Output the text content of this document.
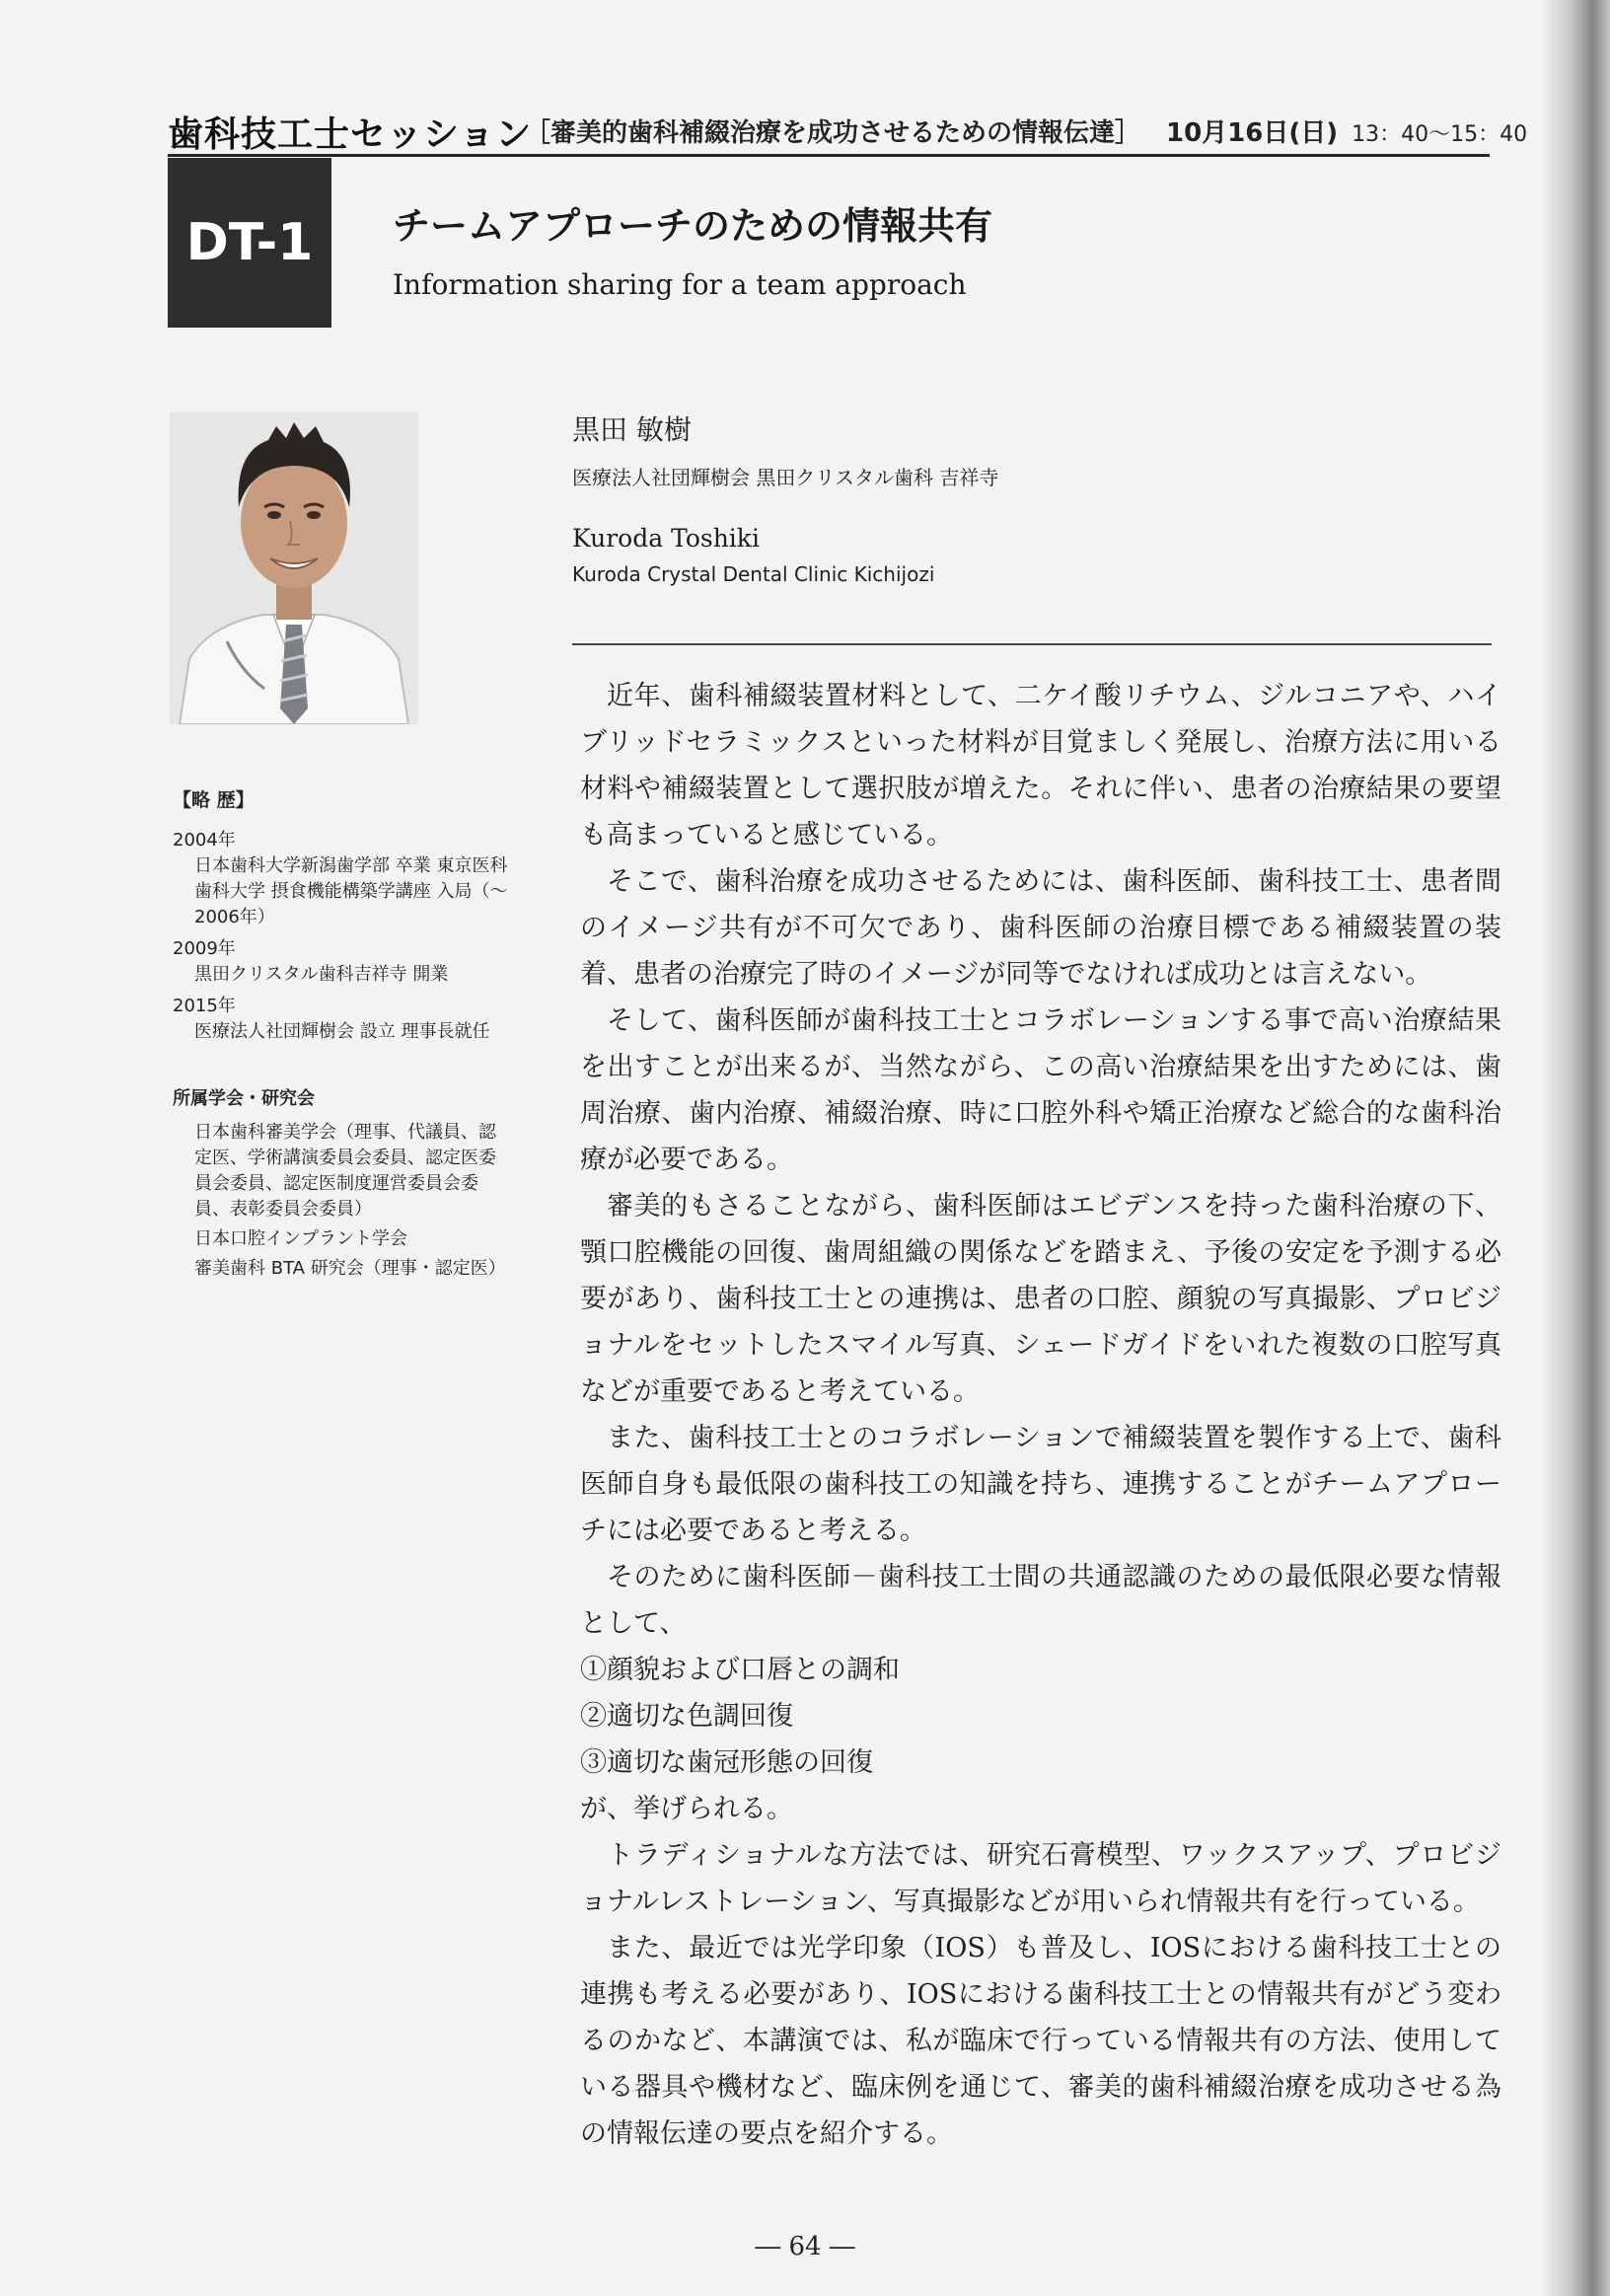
歯科技工士セッション
［審美的歯科補綴治療を成功させるための情報伝達］ 10月16日(日) 13：40～15：40
DT-1	チームアプローチのための情報共有
Information sharing for a team approach
黒田 敏樹
医療法人社団輝樹会 黒田クリスタル歯科 吉祥寺
Kuroda Toshiki
Kuroda Crystal Dental Clinic Kichijozi
【略 歴】
2004年
日本歯科大学新潟歯学部 卒業 東京医科歯科大学 摂食機能構築学講座 入局（～2006年）
2009年
黒田クリスタル歯科吉祥寺 開業
2015年
医療法人社団輝樹会 設立 理事長就任
所属学会・研究会
日本歯科審美学会（理事、代議員、認定医、学術講演委員会委員、認定医委員会委員、認定医制度運営委員会委員、表彰委員会委員）
日本口腔インプラント学会
審美歯科 BTA 研究会（理事・認定医）

近年、歯科補綴装置材料として、二ケイ酸リチウム、ジルコニアや、ハイブリッドセラミックスといった材料が目覚ましく発展し、治療方法に用いる材料や補綴装置として選択肢が増えた。それに伴い、患者の治療結果の要望も高まっていると感じている。

そこで、歯科治療を成功させるためには、歯科医師、歯科技工士、患者間のイメージ共有が不可欠であり、歯科医師の治療目標である補綴装置の装着、患者の治療完了時のイメージが同等でなければ成功とは言えない。

そして、歯科医師が歯科技工士とコラボレーションする事で高い治療結果を出すことが出来るが、当然ながら、この高い治療結果を出すためには、歯周治療、歯内治療、補綴治療、時に口腔外科や矯正治療など総合的な歯科治療が必要である。

審美的もさることながら、歯科医師はエビデンスを持った歯科治療の下、顎口腔機能の回復、歯周組織の関係などを踏まえ、予後の安定を予測する必要があり、歯科技工士との連携は、患者の口腔、顔貌の写真撮影、プロビジョナルをセットしたスマイル写真、シェードガイドをいれた複数の口腔写真などが重要であると考えている。

また、歯科技工士とのコラボレーションで補綴装置を製作する上で、歯科医師自身も最低限の歯科技工の知識を持ち、連携することがチームアプローチには必要であると考える。

そのために歯科医師－歯科技工士間の共通認識のための最低限必要な情報として、

①顔貌および口唇との調和

②適切な色調回復

③適切な歯冠形態の回復

が、挙げられる。

トラディショナルな方法では、研究石膏模型、ワックスアップ、プロビジョナルレストレーション、写真撮影などが用いられ情報共有を行っている。

また、最近では光学印象（IOS）も普及し、IOSにおける歯科技工士との連携も考える必要があり、IOSにおける歯科技工士との情報共有がどう変わるのかなど、本講演では、私が臨床で行っている情報共有の方法、使用している器具や機材など、臨床例を通じて、審美的歯科補綴治療を成功させる為の情報伝達の要点を紹介する。

― 64 ―
